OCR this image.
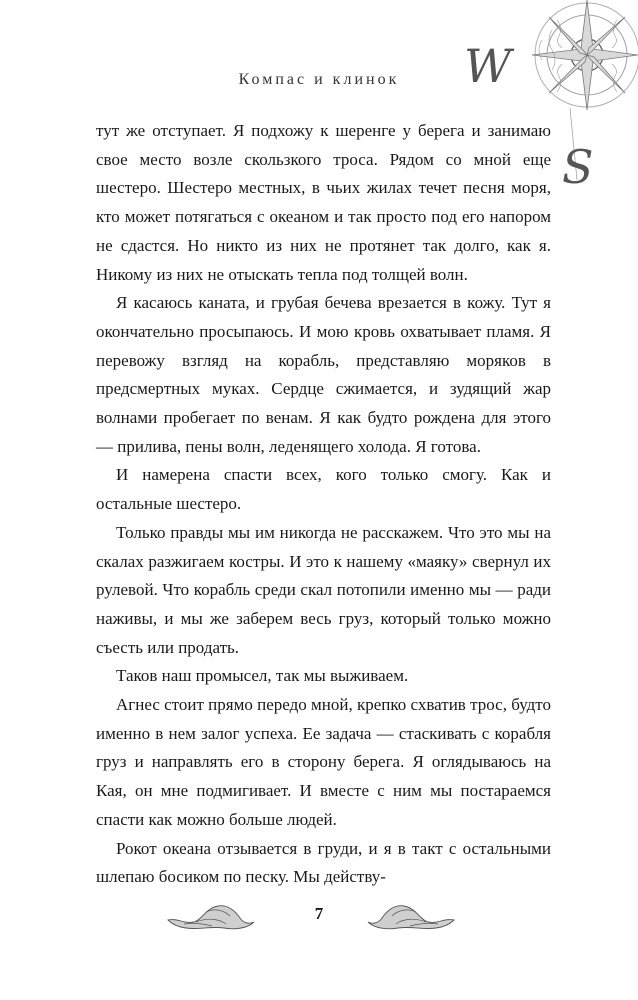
W
S
Компас и клинок

тут же отступает. Я подхожу к шеренге у берега и занимаю свое место возле скользкого троса. Рядом со мной еще шестеро. Шестеро местных, в чьих жилах течет песня моря, кто может потягаться с океаном и так просто под его напором не сдастся. Но никто из них не протянет так долго, как я. Никому из них не отыскать тепла под толщей волн.

Я касаюсь каната, и грубая бечева врезается в кожу. Тут я окончательно просыпаюсь. И мою кровь охватывает пламя. Я перевожу взгляд на корабль, представляю моряков в предсмертных муках. Сердце сжимается, и зудящий жар волнами пробегает по венам. Я как будто рождена для этого — прилива, пены волн, леденящего холода. Я готова.

И намерена спасти всех, кого только смогу. Как и остальные шестеро.

Только правды мы им никогда не расскажем. Что это мы на скалах разжигаем костры. И это к нашему «маяку» свернул их рулевой. Что корабль среди скал потопили именно мы — ради наживы, и мы же заберем весь груз, который только можно съесть или продать.

Таков наш промысел, так мы выживаем.

Агнес стоит прямо передо мной, крепко схватив трос, будто именно в нем залог успеха. Ее задача — стаскивать с корабля груз и направлять его в сторону берега. Я оглядываюсь на Кая, он мне подмигивает. И вместе с ним мы постараемся спасти как можно больше людей.

Рокот океана отзывается в груди, и я в такт с остальными шлепаю босиком по песку. Мы действу-

7
